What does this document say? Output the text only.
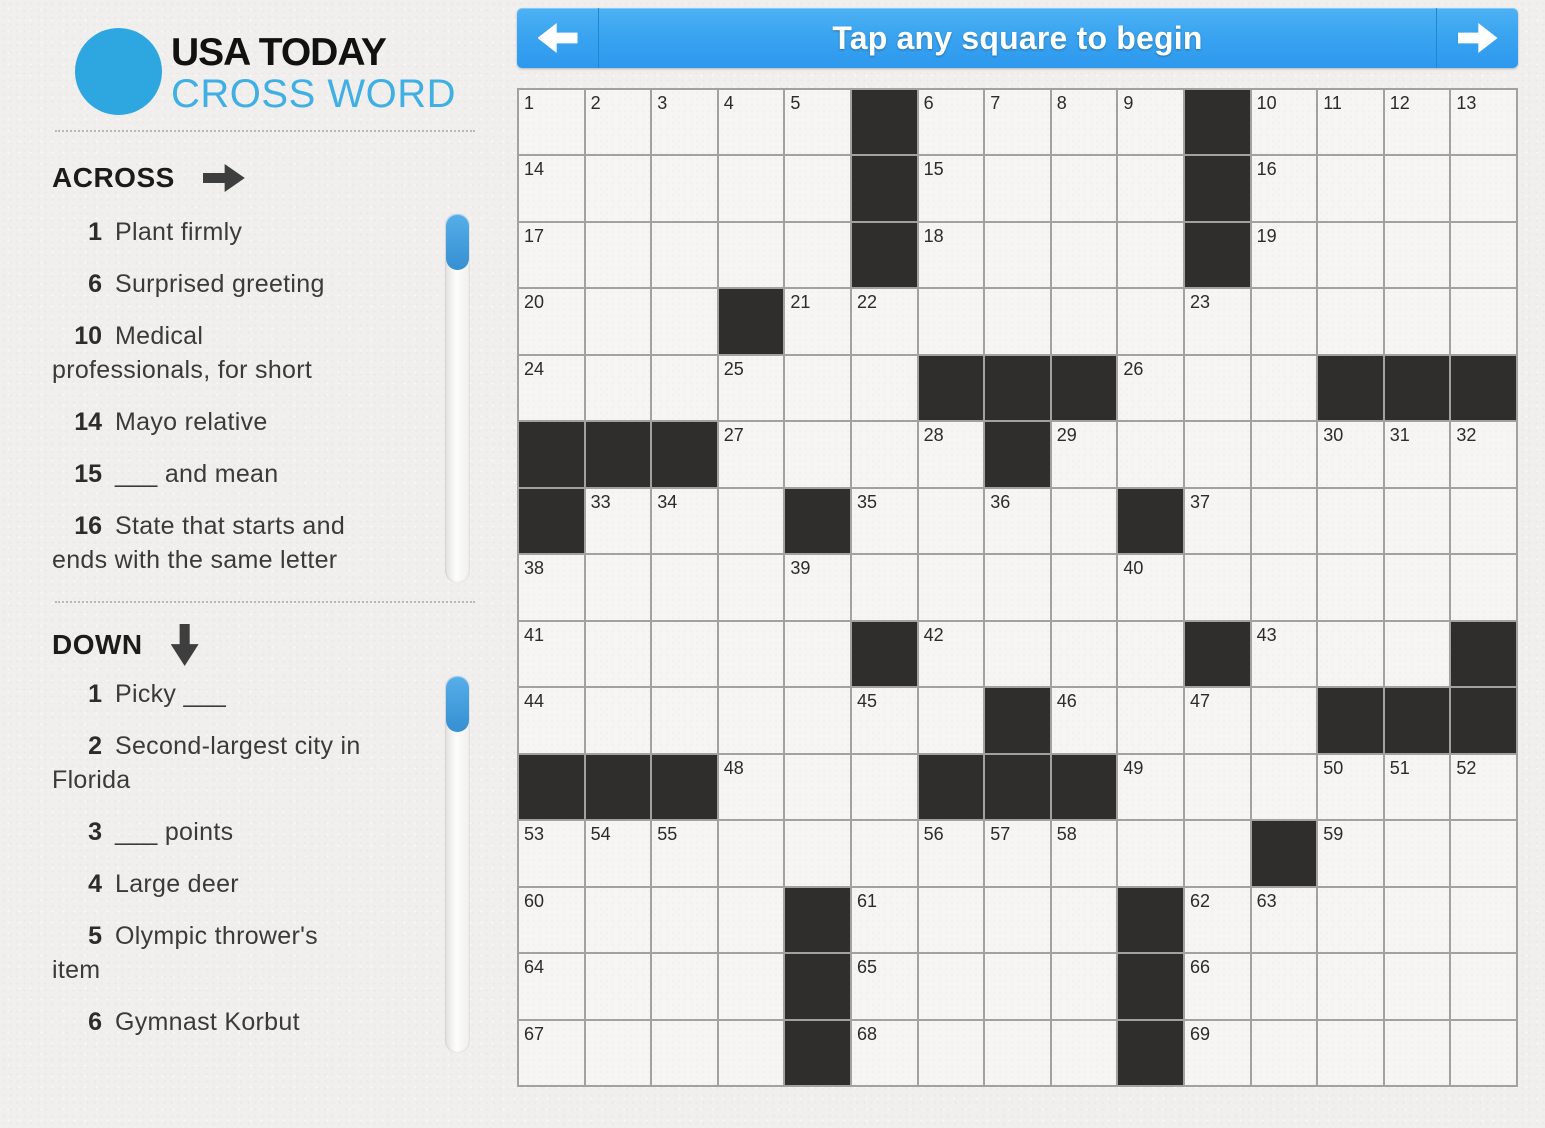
USA TODAY
CROSS WORD
ACROSS

1 Plant firmly

6 Surprised greeting

10 Medical professionals, for short

14 Mayo relative

15 ___ and mean

16 State that starts and ends with the same letter

DOWN

1 Picky ___

2 Second-largest city in Florida

3 ___ points

4 Large deer

5 Olympic thrower's item

6 Gymnast Korbut

Tap any square to begin
1	2	3	4	5	6	7	8	9	10	11	12	13
14	15	16
17	18	19
20	21	22	23
24	25	26
27	28	29	30	31	32
33	34	35	36	37
38	39	40
41	42	43
44	45	46	47
48	49	50	51	52
53	54	55	56	57	58	59
60	61	62	63
64	65	66
67	68	69
